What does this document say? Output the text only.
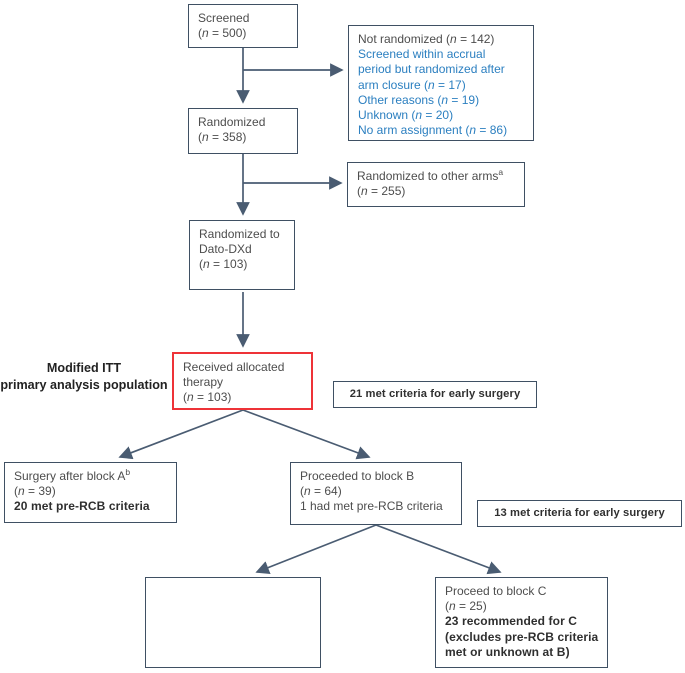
Modified ITT
primary analysis population
Screened
(n = 500)	Not randomized (n = 142)
Screened within accrual
period but randomized after
arm closure (n = 17)
Other reasons (n = 19)
Unknown (n = 20)
No arm assignment (n = 86)
Randomized
(n = 358)
Randomized to other arms$^a$
(n = 255)
Randomized to
Dato-DXd
(n = 103)
Received allocated
therapy
(n = 103)	21 met criteria for early surgery
Surgery after block $A^b$
(n = 39)
20 met pre-RCB criteria
Proceeded to block B
(n = 64)
1 had met pre-RCB criteria	13 met criteria for early surgery
Proceed to block C
(n = 25)
23 recommended for C
(excludes pre-RCB criteria
met or unknown at B)
